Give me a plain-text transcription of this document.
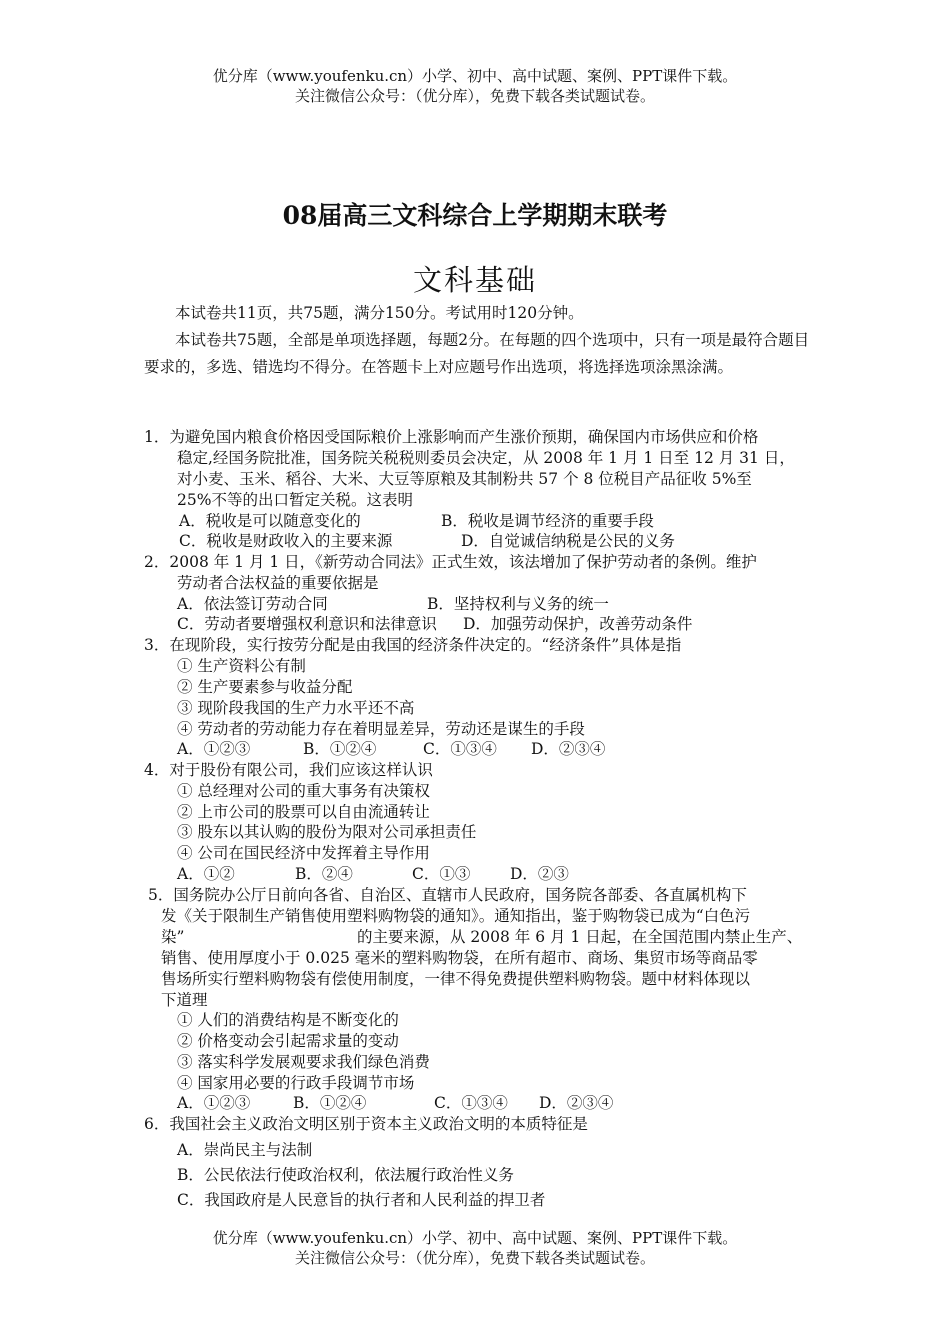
优分库（www.youfenku.cn）小学、初中、高中试题、案例、PPT课件下载。
关注微信公众号：（优分库），免费下载各类试题试卷。
08届高三文科综合上学期期末联考
文科基础
本试卷共11页，共75题，满分150分。考试用时120分钟。
本试卷共75题，全部是单项选择题，每题2分。在每题的四个选项中，只有一项是最符合题目要求的，多选、错选均不得分。在答题卡上对应题号作出选项，将选择选项涂黑涂满。
1．为避免国内粮食价格因受国际粮价上涨影响而产生涨价预期，确保国内市场供应和价格
稳定,经国务院批准，国务院关税税则委员会决定，从 2008 年 1 月 1 日至 12 月 31 日，
对小麦、玉米、稻谷、大米、大豆等原粮及其制粉共 57 个 8 位税目产品征收 5%至
25%不等的出口暂定关税。这表明
A．税收是可以随意变化的	B．税收是调节经济的重要手段
C．税收是财政收入的主要来源	D．自觉诚信纳税是公民的义务
2．2008 年 1 月 1 日，《新劳动合同法》正式生效，该法增加了保护劳动者的条例。维护
劳动者合法权益的重要依据是
A．依法签订劳动合同	B．坚持权利与义务的统一
C．劳动者要增强权利意识和法律意识 D．加强劳动保护，改善劳动条件
3．在现阶段，实行按劳分配是由我国的经济条件决定的。“经济条件”具体是指
① 生产资料公有制
② 生产要素参与收益分配
③ 现阶段我国的生产力水平还不高
④ 劳动者的劳动能力存在着明显差异，劳动还是谋生的手段
A．①②③	B．①②④	C．①③④ D．②③④
4．对于股份有限公司，我们应该这样认识
① 总经理对公司的重大事务有决策权
② 上市公司的股票可以自由流通转让
③ 股东以其认购的股份为限对公司承担责任
④ 公司在国民经济中发挥着主导作用
A．①②	B．②④	C．①③	D．②③
5．国务院办公厅日前向各省、自治区、直辖市人民政府，国务院各部委、各直属机构下
发《关于限制生产销售使用塑料购物袋的通知》。通知指出，鉴于购物袋已成为“白色污
染”	的主要来源，从 2008 年 6 月 1 日起，在全国范围内禁止生产、
销售、使用厚度小于 0.025 毫米的塑料购物袋，在所有超市、商场、集贸市场等商品零
售场所实行塑料购物袋有偿使用制度，一律不得免费提供塑料购物袋。题中材料体现以
下道理
① 人们的消费结构是不断变化的
② 价格变动会引起需求量的变动
③ 落实科学发展观要求我们绿色消费
④ 国家用必要的行政手段调节市场
A．①②③	B．①②④	C．①③④ D．②③④
6．我国社会主义政治文明区别于资本主义政治文明的本质特征是
A．崇尚民主与法制
B．公民依法行使政治权利，依法履行政治性义务
C．我国政府是人民意旨的执行者和人民利益的捍卫者
优分库（www.youfenku.cn）小学、初中、高中试题、案例、PPT课件下载。
关注微信公众号：（优分库），免费下载各类试题试卷。
